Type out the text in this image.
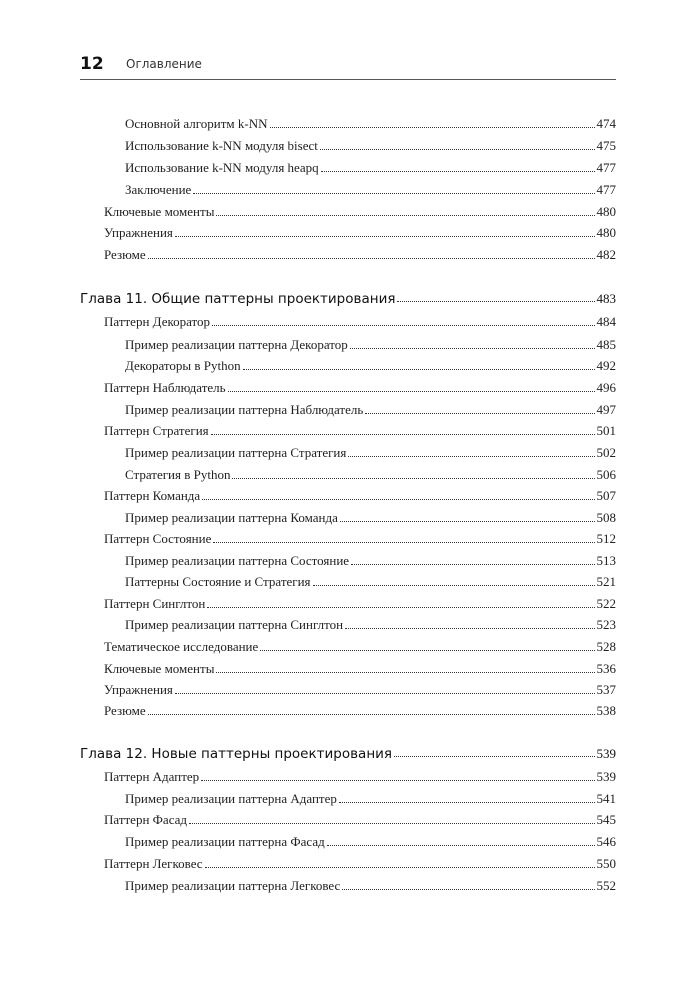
12 Оглавление
Основной алгоритм k-NN	474
Использование k-NN модуля bisect	475
Использование k-NN модуля heapq	477
Заключение	477
Ключевые моменты	480
Упражнения	480
Резюме	482
Глава 11. Общие паттерны проектирования	483
Паттерн Декоратор	484
Пример реализации паттерна Декоратор	485
Декораторы в Python	492
Паттерн Наблюдатель	496
Пример реализации паттерна Наблюдатель	497
Паттерн Стратегия	501
Пример реализации паттерна Стратегия	502
Стратегия в Python	506
Паттерн Команда	507
Пример реализации паттерна Команда	508
Паттерн Состояние	512
Пример реализации паттерна Состояние	513
Паттерны Состояние и Стратегия	521
Паттерн Синглтон	522
Пример реализации паттерна Синглтон	523
Тематическое исследование	528
Ключевые моменты	536
Упражнения	537
Резюме	538
Глава 12. Новые паттерны проектирования	539
Паттерн Адаптер	539
Пример реализации паттерна Адаптер	541
Паттерн Фасад	545
Пример реализации паттерна Фасад	546
Паттерн Легковес	550
Пример реализации паттерна Легковес	552
